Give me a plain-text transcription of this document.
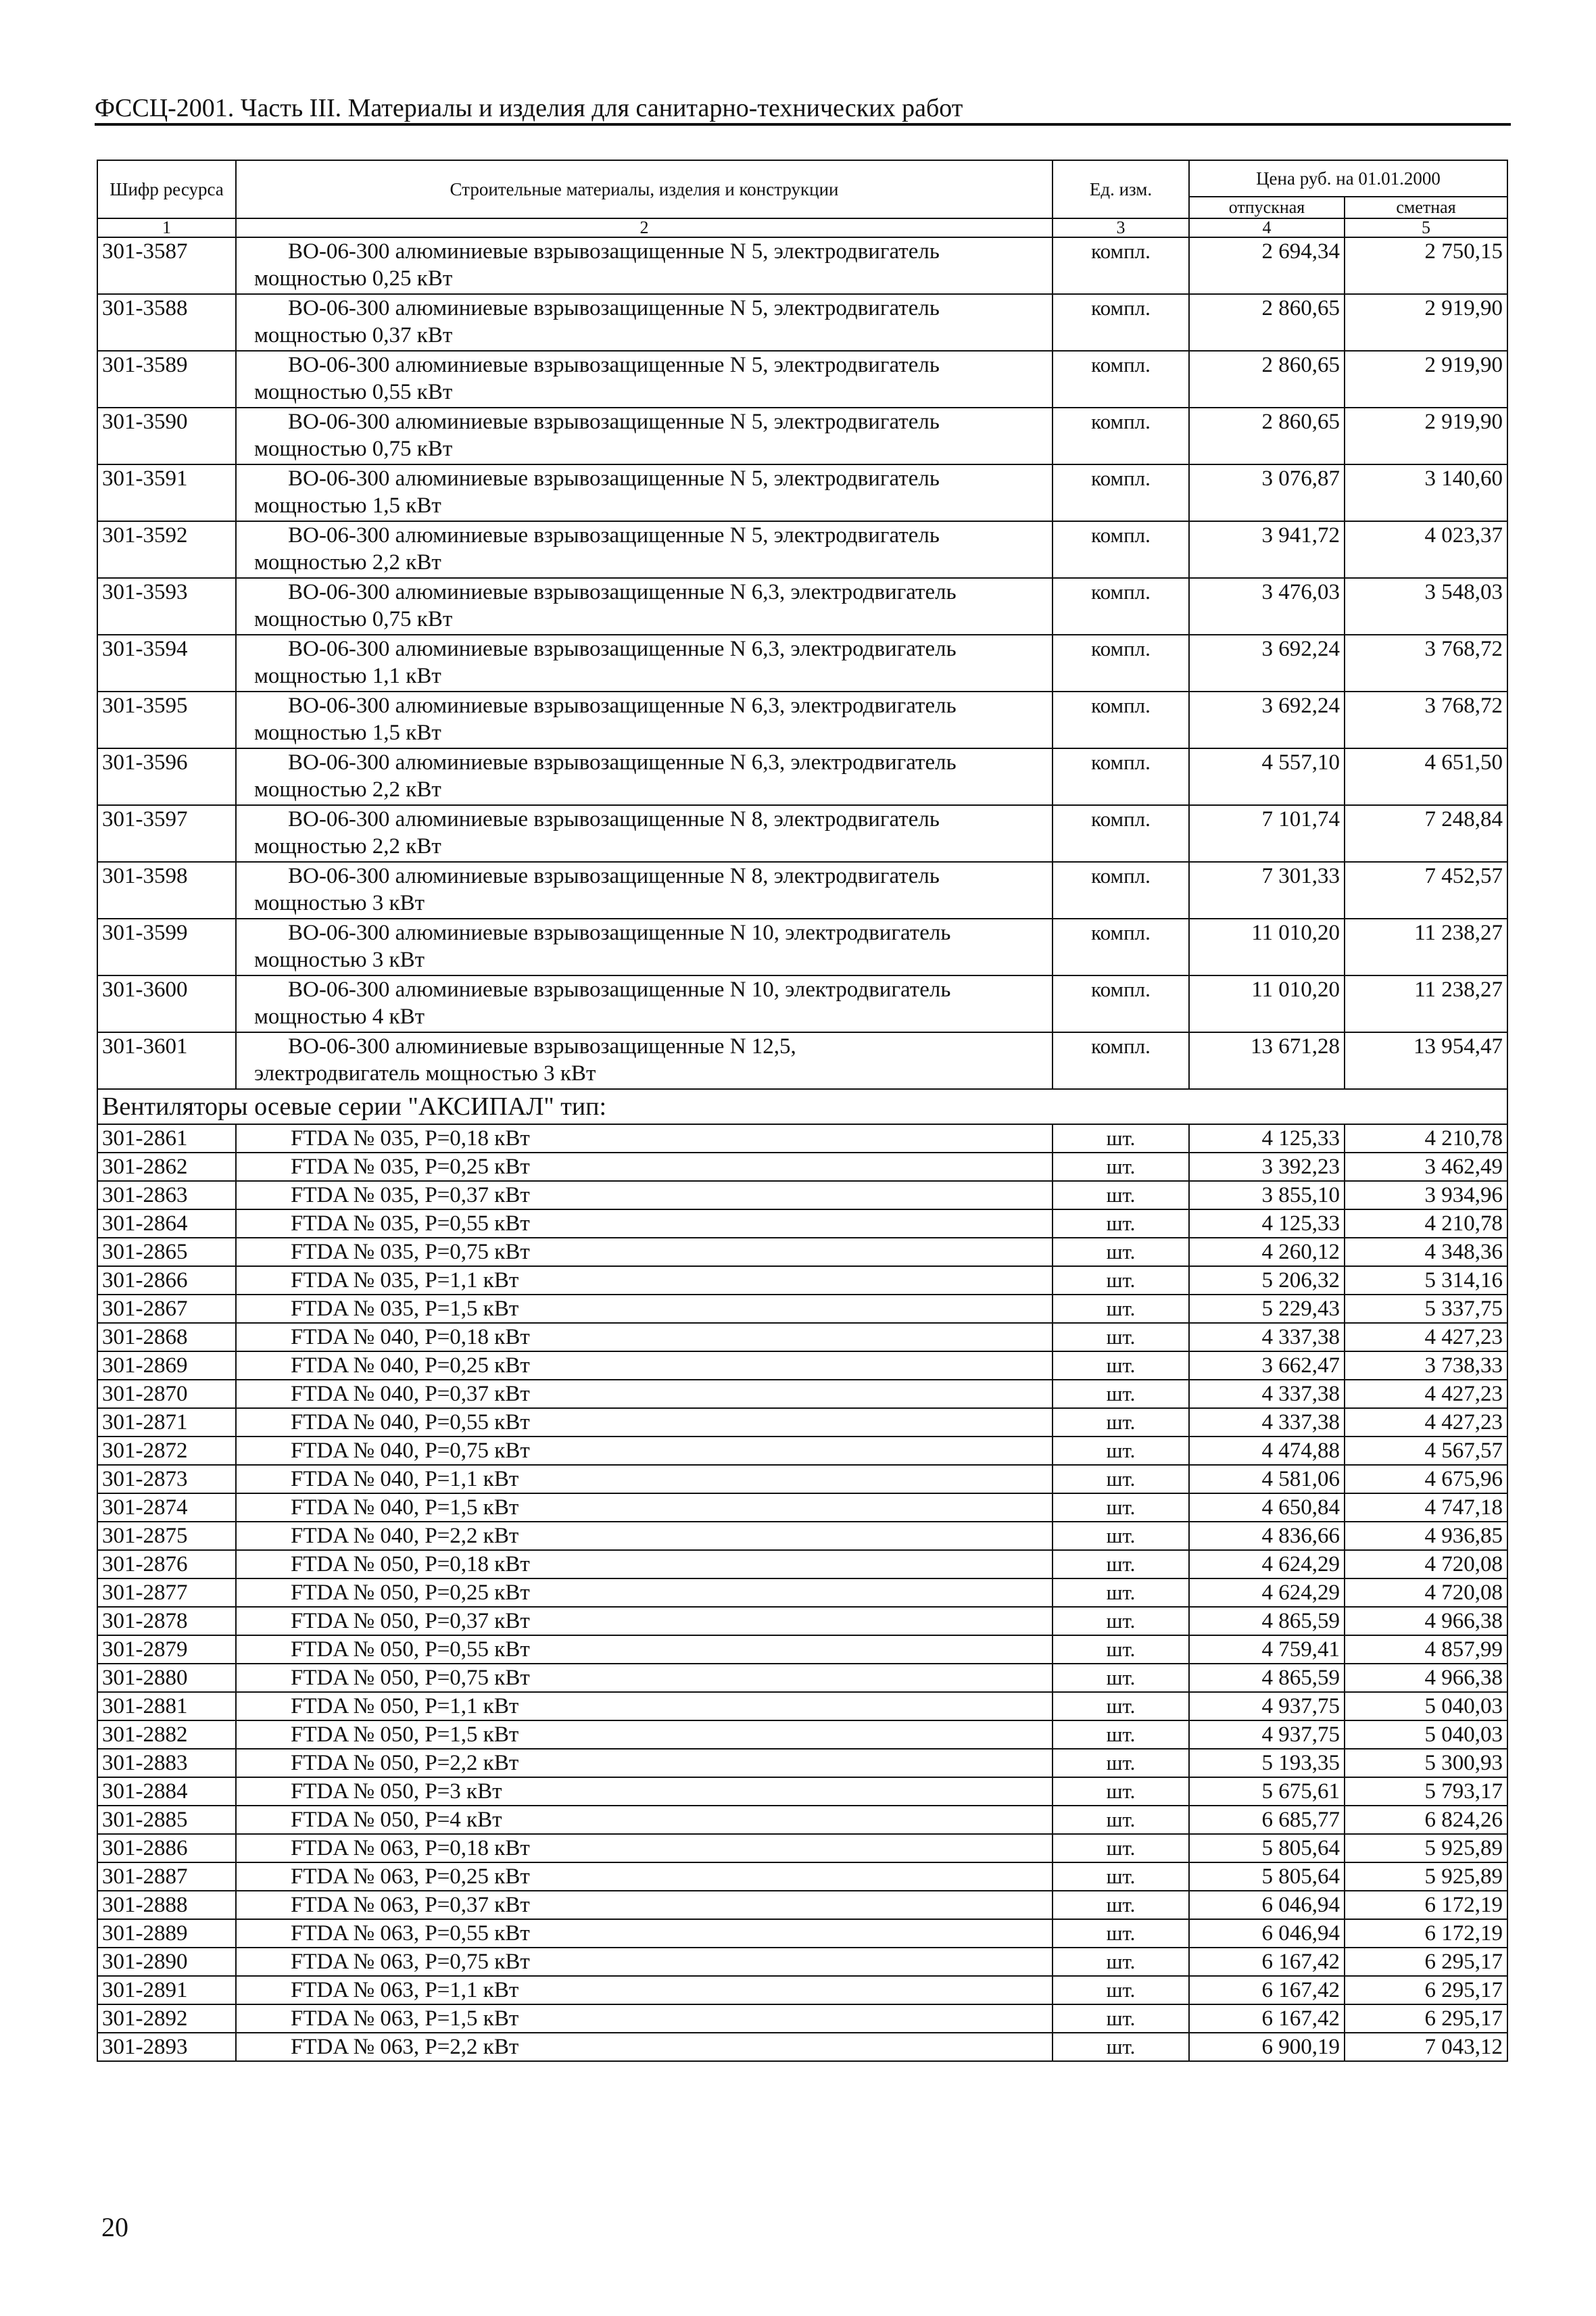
ФССЦ-2001. Часть III. Материалы и изделия для санитарно-технических работ
Шифр ресурса	Строительные материалы, изделия и конструкции	Ед. изм.	Цена руб. на 01.01.2000	
			отпускная	сметная
1	2	3	4	5
301-3587	ВО-06-300 алюминиевые взрывозащищенные N 5, электродвигатель
мощностью 0,25 кВт	компл.	2 694,34	2 750,15
301-3588	ВО-06-300 алюминиевые взрывозащищенные N 5, электродвигатель
мощностью 0,37 кВт	компл.	2 860,65	2 919,90
301-3589	ВО-06-300 алюминиевые взрывозащищенные N 5, электродвигатель
мощностью 0,55 кВт	компл.	2 860,65	2 919,90
301-3590	ВО-06-300 алюминиевые взрывозащищенные N 5, электродвигатель
мощностью 0,75 кВт	компл.	2 860,65	2 919,90
301-3591	ВО-06-300 алюминиевые взрывозащищенные N 5, электродвигатель
мощностью 1,5 кВт	компл.	3 076,87	3 140,60
301-3592	ВО-06-300 алюминиевые взрывозащищенные N 5, электродвигатель
мощностью 2,2 кВт	компл.	3 941,72	4 023,37
301-3593	ВО-06-300 алюминиевые взрывозащищенные N 6,3, электродвигатель
мощностью 0,75 кВт	компл.	3 476,03	3 548,03
301-3594	ВО-06-300 алюминиевые взрывозащищенные N 6,3, электродвигатель
мощностью 1,1 кВт	компл.	3 692,24	3 768,72
301-3595	ВО-06-300 алюминиевые взрывозащищенные N 6,3, электродвигатель
мощностью 1,5 кВт	компл.	3 692,24	3 768,72
301-3596	ВО-06-300 алюминиевые взрывозащищенные N 6,3, электродвигатель
мощностью 2,2 кВт	компл.	4 557,10	4 651,50
301-3597	ВО-06-300 алюминиевые взрывозащищенные N 8, электродвигатель
мощностью 2,2 кВт	компл.	7 101,74	7 248,84
301-3598	ВО-06-300 алюминиевые взрывозащищенные N 8, электродвигатель
мощностью 3 кВт	компл.	7 301,33	7 452,57
301-3599	ВО-06-300 алюминиевые взрывозащищенные N 10, электродвигатель
мощностью 3 кВт	компл.	11 010,20	11 238,27
301-3600	ВО-06-300 алюминиевые взрывозащищенные N 10, электродвигатель
мощностью 4 кВт	компл.	11 010,20	11 238,27
301-3601	ВО-06-300 алюминиевые взрывозащищенные N 12,5,
электродвигатель мощностью 3 кВт	компл.	13 671,28	13 954,47
Вентиляторы осевые серии "АКСИПАЛ" тип:				
301-2861	FTDA № 035, P=0,18 кВт	шт.	4 125,33	4 210,78
301-2862	FTDA № 035, P=0,25 кВт	шт.	3 392,23	3 462,49
301-2863	FTDA № 035, P=0,37 кВт	шт.	3 855,10	3 934,96
301-2864	FTDA № 035, P=0,55 кВт	шт.	4 125,33	4 210,78
301-2865	FTDA № 035, P=0,75 кВт	шт.	4 260,12	4 348,36
301-2866	FTDA № 035, P=1,1 кВт	шт.	5 206,32	5 314,16
301-2867	FTDA № 035, P=1,5 кВт	шт.	5 229,43	5 337,75
301-2868	FTDA № 040, P=0,18 кВт	шт.	4 337,38	4 427,23
301-2869	FTDA № 040, P=0,25 кВт	шт.	3 662,47	3 738,33
301-2870	FTDA № 040, P=0,37 кВт	шт.	4 337,38	4 427,23
301-2871	FTDA № 040, P=0,55 кВт	шт.	4 337,38	4 427,23
301-2872	FTDA № 040, P=0,75 кВт	шт.	4 474,88	4 567,57
301-2873	FTDA № 040, P=1,1 кВт	шт.	4 581,06	4 675,96
301-2874	FTDA № 040, P=1,5 кВт	шт.	4 650,84	4 747,18
301-2875	FTDA № 040, P=2,2 кВт	шт.	4 836,66	4 936,85
301-2876	FTDA № 050, P=0,18 кВт	шт.	4 624,29	4 720,08
301-2877	FTDA № 050, P=0,25 кВт	шт.	4 624,29	4 720,08
301-2878	FTDA № 050, P=0,37 кВт	шт.	4 865,59	4 966,38
301-2879	FTDA № 050, P=0,55 кВт	шт.	4 759,41	4 857,99
301-2880	FTDA № 050, P=0,75 кВт	шт.	4 865,59	4 966,38
301-2881	FTDA № 050, P=1,1 кВт	шт.	4 937,75	5 040,03
301-2882	FTDA № 050, P=1,5 кВт	шт.	4 937,75	5 040,03
301-2883	FTDA № 050, P=2,2 кВт	шт.	5 193,35	5 300,93
301-2884	FTDA № 050, P=3 кВт	шт.	5 675,61	5 793,17
301-2885	FTDA № 050, P=4 кВт	шт.	6 685,77	6 824,26
301-2886	FTDA № 063, P=0,18 кВт	шт.	5 805,64	5 925,89
301-2887	FTDA № 063, P=0,25 кВт	шт.	5 805,64	5 925,89
301-2888	FTDA № 063, P=0,37 кВт	шт.	6 046,94	6 172,19
301-2889	FTDA № 063, P=0,55 кВт	шт.	6 046,94	6 172,19
301-2890	FTDA № 063, P=0,75 кВт	шт.	6 167,42	6 295,17
301-2891	FTDA № 063, P=1,1 кВт	шт.	6 167,42	6 295,17
301-2892	FTDA № 063, P=1,5 кВт	шт.	6 167,42	6 295,17
301-2893	FTDA № 063, P=2,2 кВт	шт.	6 900,19	7 043,12
20
